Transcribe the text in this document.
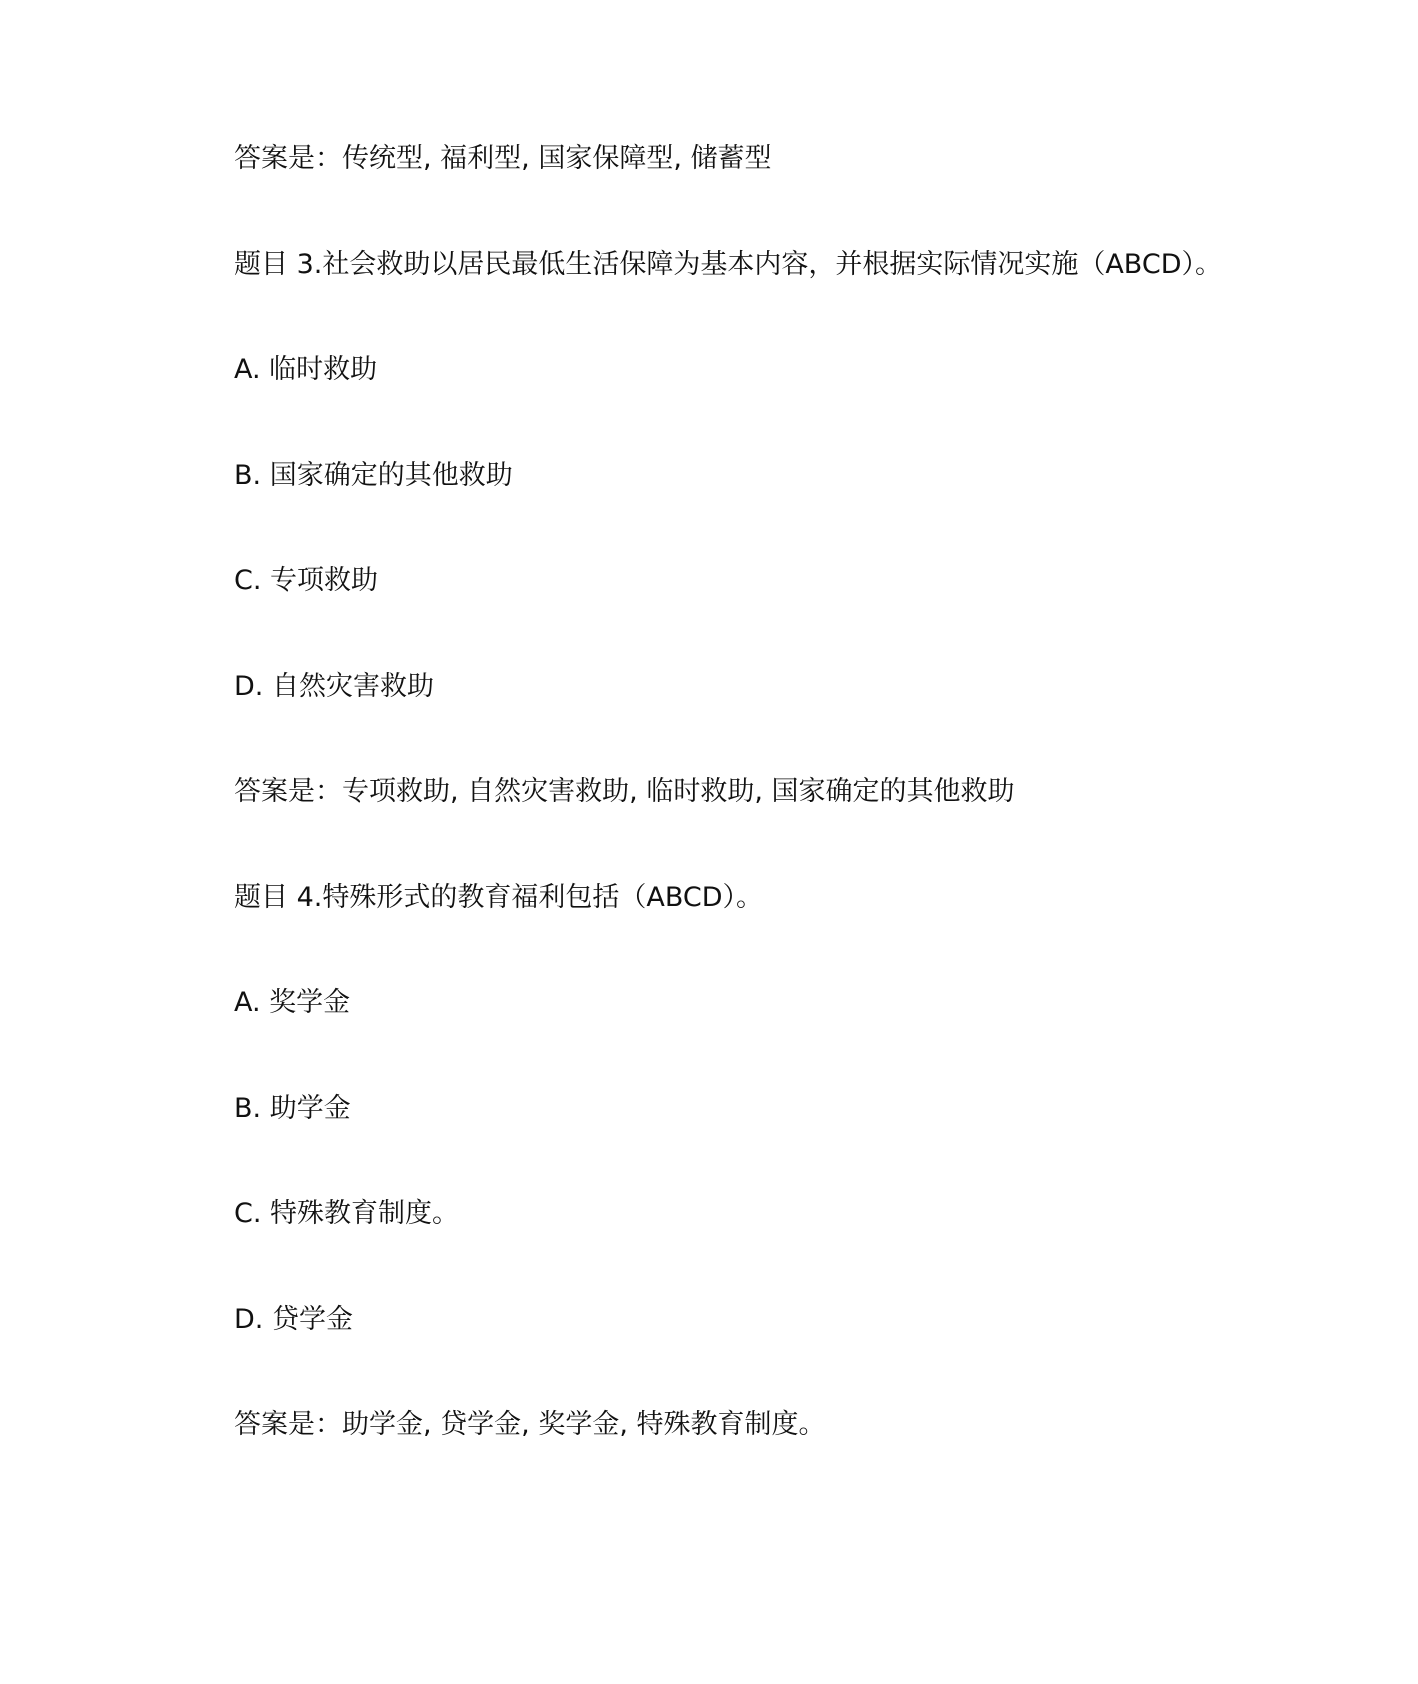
答案是：传统型, 福利型, 国家保障型, 储蓄型
题目 3.社会救助以居民最低生活保障为基本内容，并根据实际情况实施（ABCD）。
A. 临时救助
B. 国家确定的其他救助
C. 专项救助
D. 自然灾害救助
答案是：专项救助, 自然灾害救助, 临时救助, 国家确定的其他救助
题目 4.特殊形式的教育福利包括（ABCD）。
A. 奖学金
B. 助学金
C. 特殊教育制度。
D. 贷学金
答案是：助学金, 贷学金, 奖学金, 特殊教育制度。
